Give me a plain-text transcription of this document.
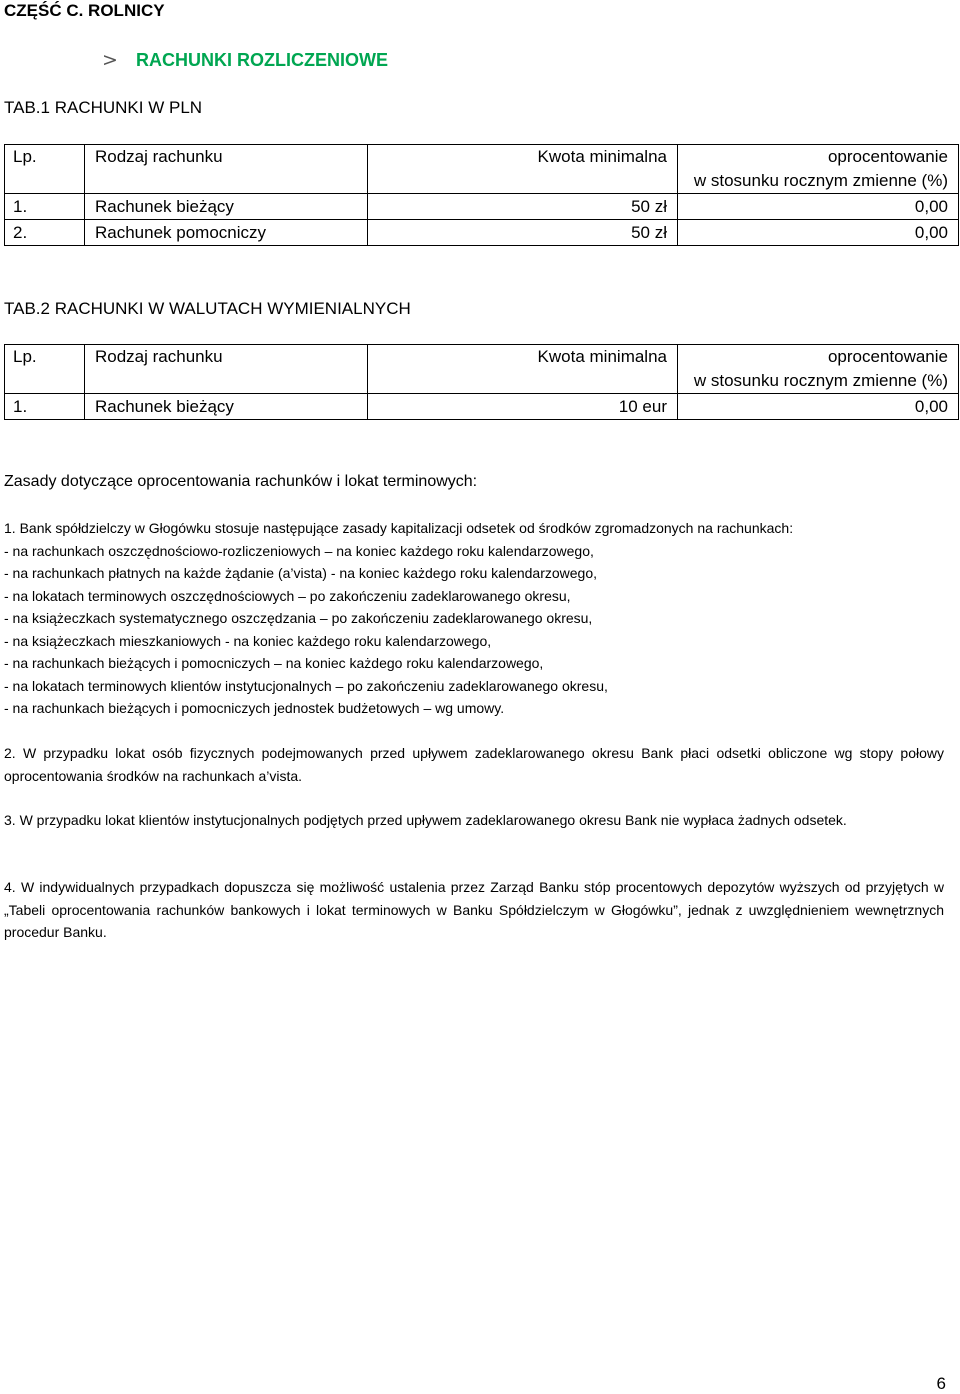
CZĘŚĆ C. ROLNICY
>	RACHUNKI ROZLICZENIOWE
TAB.1 RACHUNKI W PLN
Lp.	Rodzaj rachunku	Kwota minimalna	oprocentowanie
w stosunku rocznym zmienne (%)

1.	Rachunek bieżący	50 zł	0,00
2.	Rachunek pomocniczy	50 zł	0,00
TAB.2 RACHUNKI W WALUTACH WYMIENIALNYCH
Lp.	Rodzaj rachunku	Kwota minimalna	oprocentowanie
w stosunku rocznym zmienne (%)

1.	Rachunek bieżący	10 eur	0,00
Zasady dotyczące oprocentowania rachunków i lokat terminowych:
1. Bank spółdzielczy w Głogówku stosuje następujące zasady kapitalizacji odsetek od środków zgromadzonych na rachunkach:
- na rachunkach oszczędnościowo-rozliczeniowych – na koniec każdego roku kalendarzowego,
- na rachunkach płatnych na każde żądanie (a’vista) - na koniec każdego roku kalendarzowego,
- na lokatach terminowych oszczędnościowych – po zakończeniu zadeklarowanego okresu,
- na książeczkach systematycznego oszczędzania – po zakończeniu zadeklarowanego okresu,
- na książeczkach mieszkaniowych - na koniec każdego roku kalendarzowego,
- na rachunkach bieżących i pomocniczych – na koniec każdego roku kalendarzowego,
- na lokatach terminowych klientów instytucjonalnych – po zakończeniu zadeklarowanego okresu,
- na rachunkach bieżących i pomocniczych jednostek budżetowych – wg umowy.

2. W przypadku lokat osób fizycznych podejmowanych przed upływem zadeklarowanego okresu Bank płaci odsetki obliczone wg stopy połowy oprocentowania środków na rachunkach a’vista.

3. W przypadku lokat klientów instytucjonalnych podjętych przed upływem zadeklarowanego okresu Bank nie wypłaca żadnych odsetek.

4. W indywidualnych przypadkach dopuszcza się możliwość ustalenia przez Zarząd Banku stóp procentowych depozytów wyższych od przyjętych w „Tabeli oprocentowania rachunków bankowych i lokat terminowych w Banku Spółdzielczym w Głogówku”, jednak z uwzględnieniem wewnętrznych procedur Banku.

6
